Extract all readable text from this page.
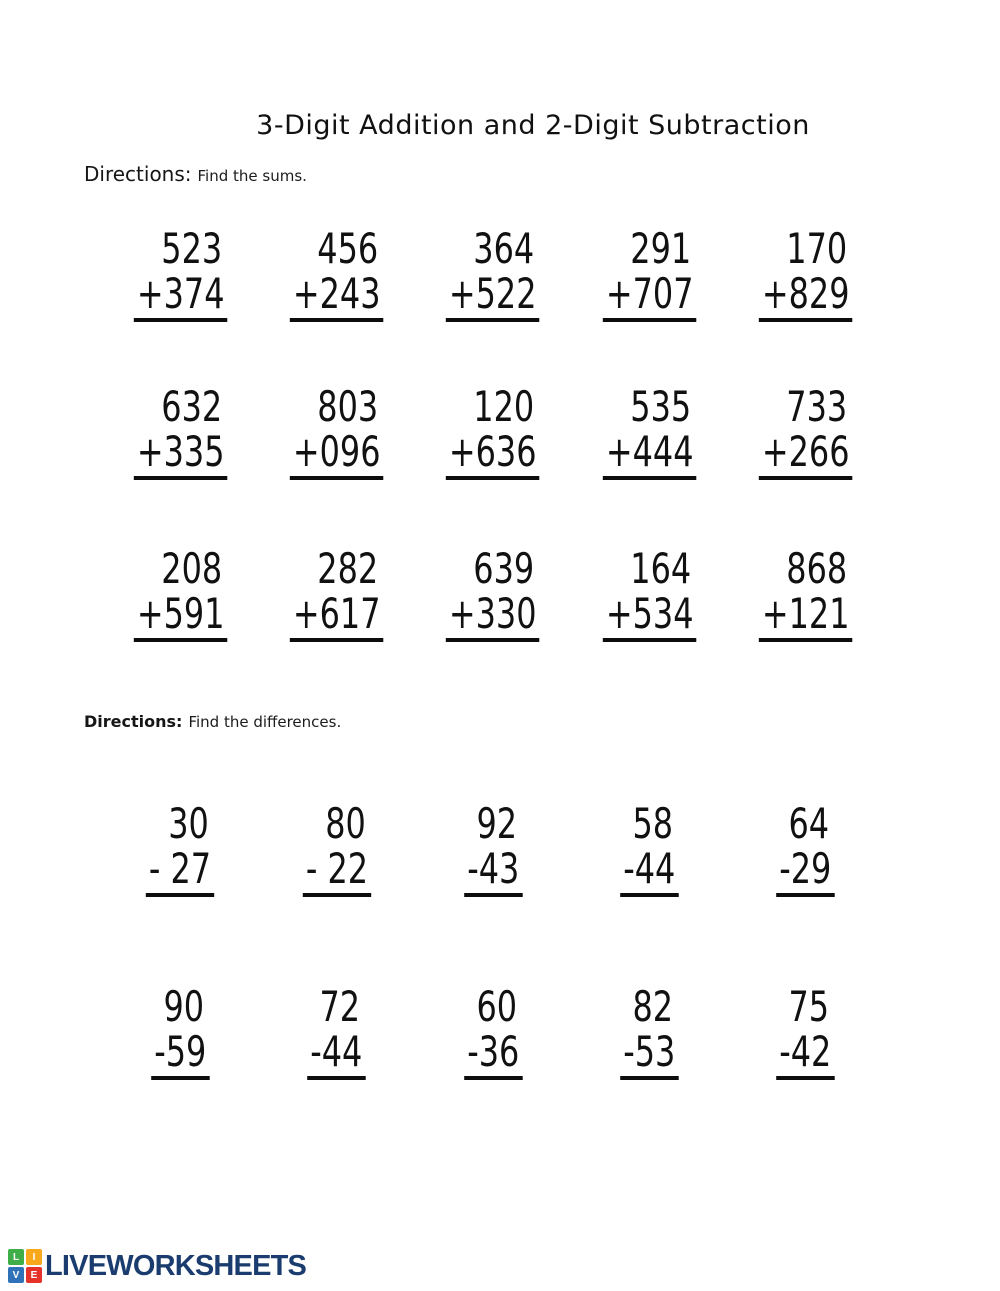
3-Digit Addition and 2-Digit Subtraction
Directions: Find the sums.
523
+374
456
+243
364
+522
291
+707
170
+829
632
+335
803
+096
120
+636
535
+444
733
+266
208
+591
282
+617
639
+330
164
+534
868
+121
Directions: Find the differences.
30
- 27
80
- 22
92
-43
58
-44
64
-29
90
-59
72
-44
60
-36
82
-53
75
-42
L	I
V	E LIVEWORKSHEETS
